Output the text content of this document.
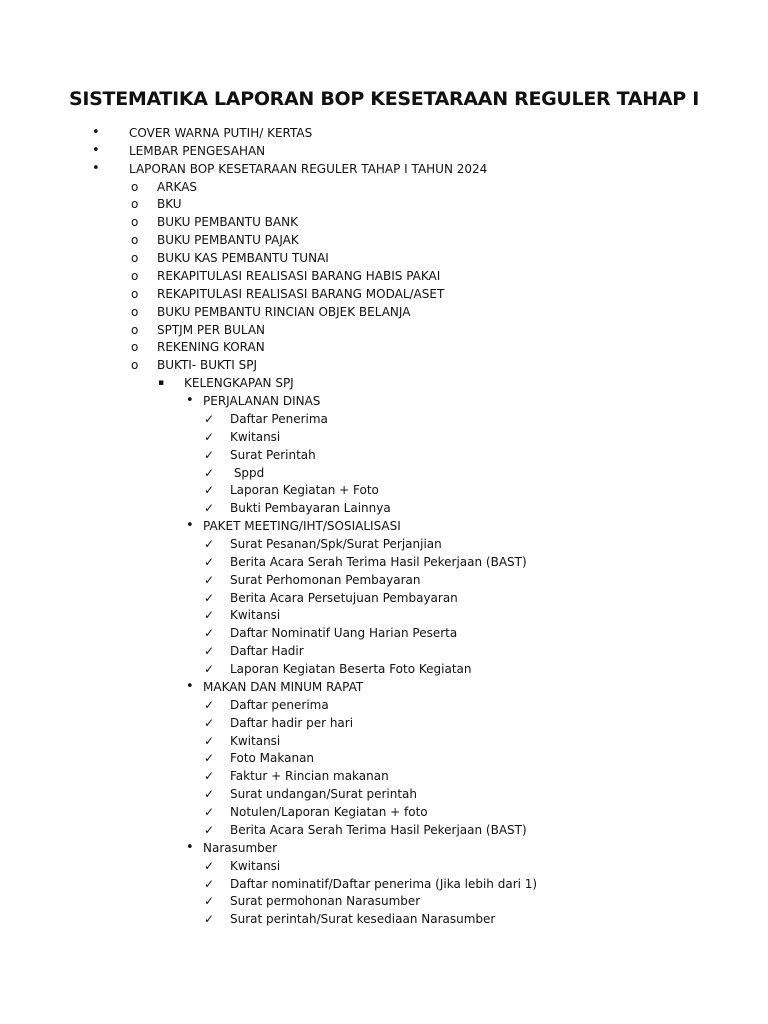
SISTEMATIKA LAPORAN BOP KESETARAAN REGULER TAHAP I
• COVER WARNA PUTIH/ KERTAS
• LEMBAR PENGESAHAN
• LAPORAN BOP KESETARAAN REGULER TAHAP I TAHUN 2024
o ARKAS
o BKU
o BUKU PEMBANTU BANK
o BUKU PEMBANTU PAJAK
o BUKU KAS PEMBANTU TUNAI
o REKAPITULASI REALISASI BARANG HABIS PAKAI
o REKAPITULASI REALISASI BARANG MODAL/ASET
o BUKU PEMBANTU RINCIAN OBJEK BELANJA
o SPTJM PER BULAN
o REKENING KORAN
o BUKTI- BUKTI SPJ
▪ KELENGKAPAN SPJ
• PERJALANAN DINAS
✓ Daftar Penerima
✓ Kwitansi
✓ Surat Perintah
✓ Sppd
✓ Laporan Kegiatan + Foto
✓ Bukti Pembayaran Lainnya
• PAKET MEETING/IHT/SOSIALISASI
✓ Surat Pesanan/Spk/Surat Perjanjian
✓ Berita Acara Serah Terima Hasil Pekerjaan (BAST)
✓ Surat Perhomonan Pembayaran
✓ Berita Acara Persetujuan Pembayaran
✓ Kwitansi
✓ Daftar Nominatif Uang Harian Peserta
✓ Daftar Hadir
✓ Laporan Kegiatan Beserta Foto Kegiatan
• MAKAN DAN MINUM RAPAT
✓ Daftar penerima
✓ Daftar hadir per hari
✓ Kwitansi
✓ Foto Makanan
✓ Faktur + Rincian makanan
✓ Surat undangan/Surat perintah
✓ Notulen/Laporan Kegiatan + foto
✓ Berita Acara Serah Terima Hasil Pekerjaan (BAST)
• Narasumber
✓ Kwitansi
✓ Daftar nominatif/Daftar penerima (Jika lebih dari 1)
✓ Surat permohonan Narasumber
✓ Surat perintah/Surat kesediaan Narasumber
